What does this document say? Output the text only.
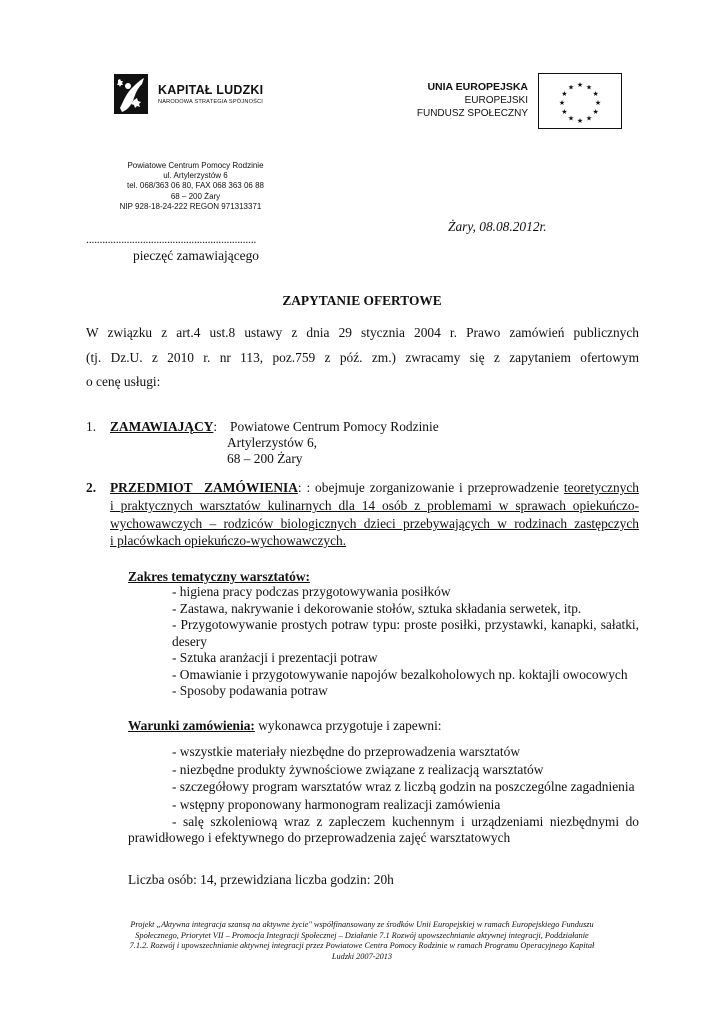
KAPITAŁ LUDZKI
NARODOWA STRATEGIA SPÓJNOŚCI
UNIA EUROPEJSKA
EUROPEJSKI
FUNDUSZ SPOŁECZNY
★ ★
★
★
★
★
★
★
★
★
★
★
Powiatowe Centrum Pomocy Rodzinie
ul. Artylerzystów 6
tel. 068/363 06 80, FAX 068 363 06 88
68 – 200 Żary
NIP 928-18-24-222 REGON 971313371
Żary, 08.08.2012r.
...............................................................
pieczęć zamawiającego
ZAPYTANIE OFERTOWE
W związku z art.4 ust.8 ustawy z dnia 29 stycznia 2004 r. Prawo zamówień publicznych
(tj. Dz.U. z 2010 r. nr 113, poz.759 z póź. zm.) zwracamy się z zapytaniem ofertowym
o cenę usługi:
1. ZAMAWIAJĄCY: Powiatowe Centrum Pomocy Rodzinie
Artylerzystów 6,
68 – 200 Żary
2. PRZEDMIOT ZAMÓWIENIA: : obejmuje zorganizowanie i przeprowadzenie teoretycznych
i praktycznych warsztatów kulinarnych dla 14 osób z problemami w sprawach opiekuńczo-
wychowawczych – rodziców biologicznych dzieci przebywających w rodzinach zastępczych
i placówkach opiekuńczo-wychowawczych.
Zakres tematyczny warsztatów:
- higiena pracy podczas przygotowywania posiłków
- Zastawa, nakrywanie i dekorowanie stołów, sztuka składania serwetek, itp.
- Przygotowywanie prostych potraw typu: proste posiłki, przystawki, kanapki, sałatki,
desery
- Sztuka aranżacji i prezentacji potraw
- Omawianie i przygotowywanie napojów bezalkoholowych np. koktajli owocowych
- Sposoby podawania potraw
Warunki zamówienia: wykonawca przygotuje i zapewni:
- wszystkie materiały niezbędne do przeprowadzenia warsztatów
- niezbędne produkty żywnościowe związane z realizacją warsztatów
- szczegółowy program warsztatów wraz z liczbą godzin na poszczególne zagadnienia
- wstępny proponowany harmonogram realizacji zamówienia
- salę szkoleniową wraz z zapleczem kuchennym i urządzeniami niezbędnymi do
prawidłowego i efektywnego do przeprowadzenia zajęć warsztatowych
Liczba osób: 14, przewidziana liczba godzin: 20h
Projekt „Aktywna integracja szansą na aktywne życie" współfinansowany ze środków Unii Europejskiej w ramach Europejskiego Funduszu
Społecznego, Priorytet VII – Promocja Integracji Społecznej – Działanie 7.1 Rozwój upowszechnianie aktywnej integracji, Poddziałanie
7.1.2. Rozwój i upowszechnianie aktywnej integracji przez Powiatowe Centra Pomocy Rodzinie w ramach Programu Operacyjnego Kapitał
Ludzki 2007-2013
